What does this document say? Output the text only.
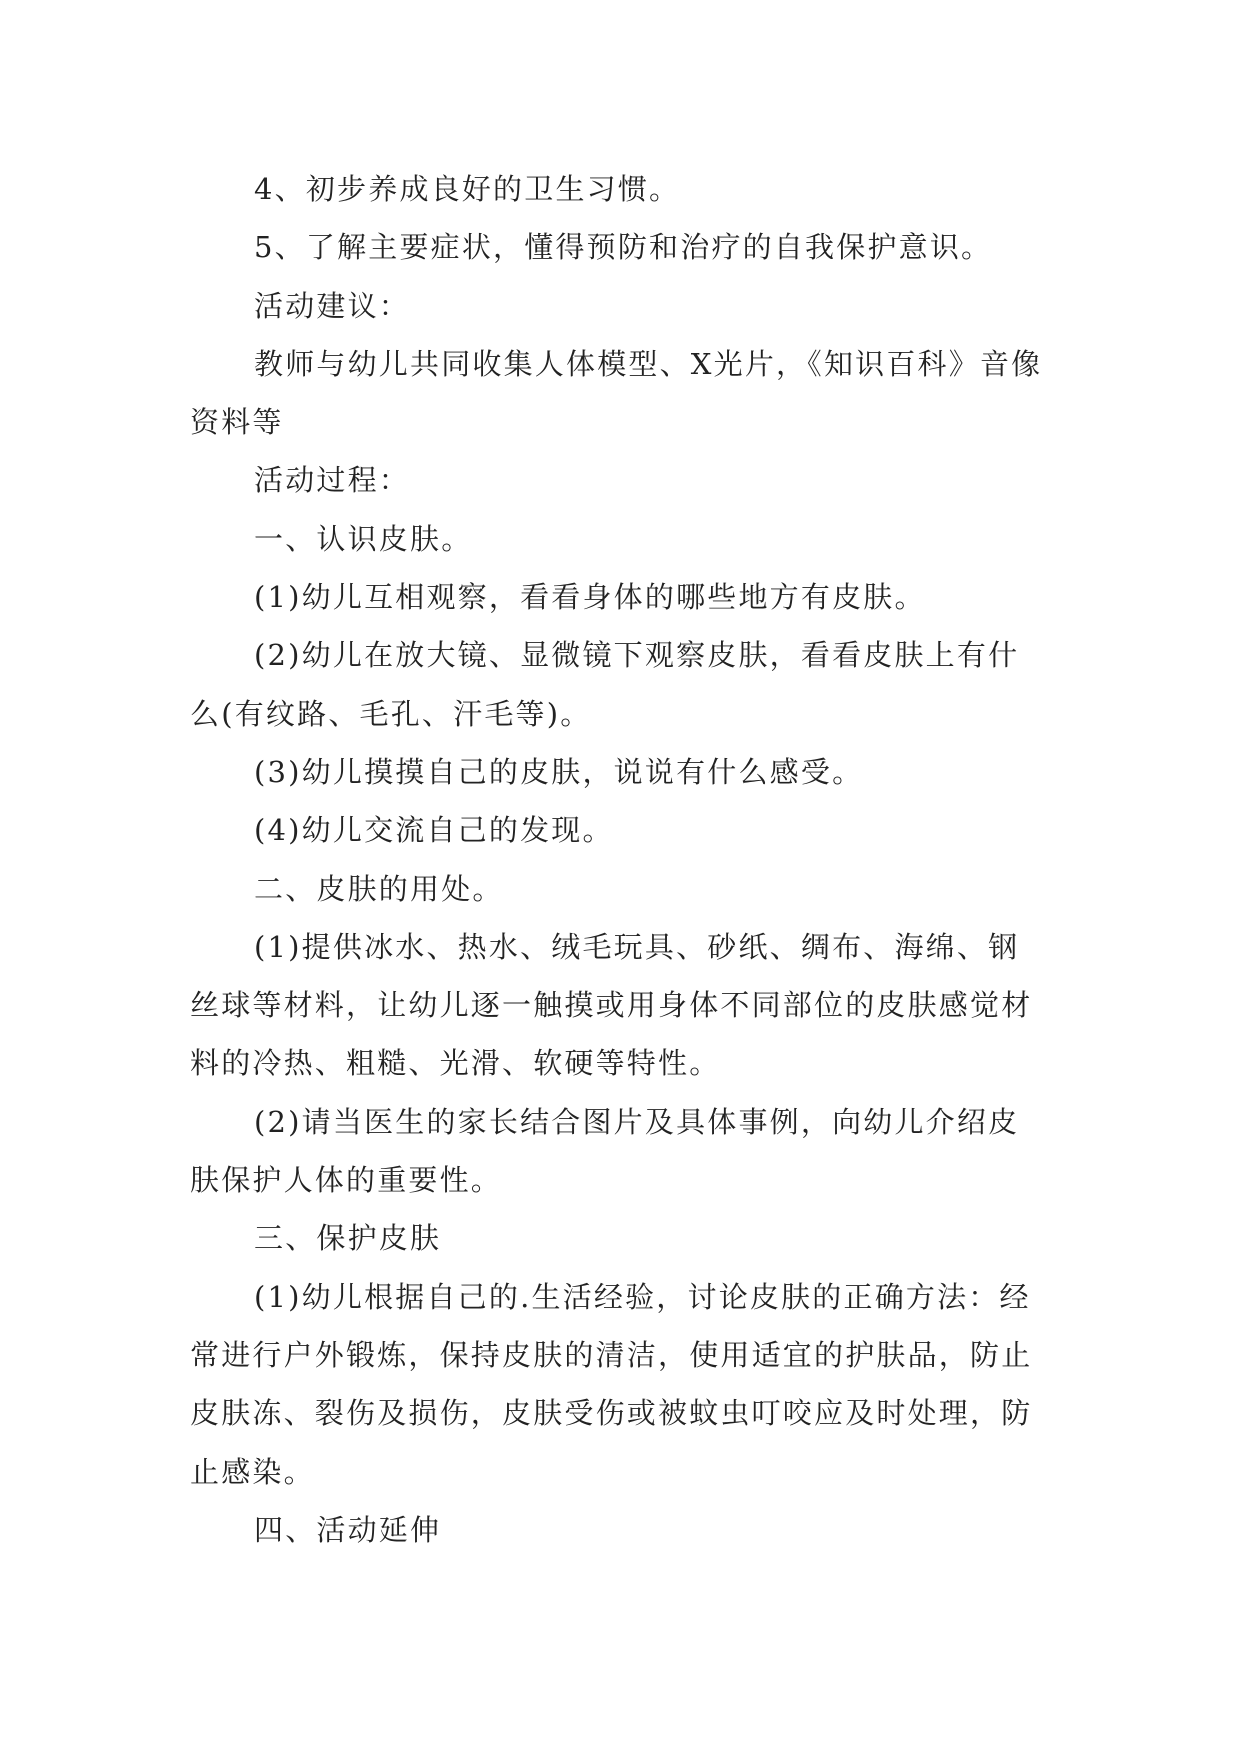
4、初步养成良好的卫生习惯。

5、了解主要症状，懂得预防和治疗的自我保护意识。

活动建议：

教师与幼儿共同收集人体模型、X光片，《知识百科》音像资料等

活动过程：

一、认识皮肤。

(1)幼儿互相观察，看看身体的哪些地方有皮肤。

(2)幼儿在放大镜、显微镜下观察皮肤，看看皮肤上有什么(有纹路、毛孔、汗毛等)。

(3)幼儿摸摸自己的皮肤，说说有什么感受。

(4)幼儿交流自己的发现。

二、皮肤的用处。

(1)提供冰水、热水、绒毛玩具、砂纸、绸布、海绵、钢丝球等材料，让幼儿逐一触摸或用身体不同部位的皮肤感觉材料的冷热、粗糙、光滑、软硬等特性。

(2)请当医生的家长结合图片及具体事例，向幼儿介绍皮肤保护人体的重要性。

三、保护皮肤

(1)幼儿根据自己的.生活经验，讨论皮肤的正确方法：经常进行户外锻炼，保持皮肤的清洁，使用适宜的护肤品，防止皮肤冻、裂伤及损伤，皮肤受伤或被蚊虫叮咬应及时处理，防止感染。

四、活动延伸
